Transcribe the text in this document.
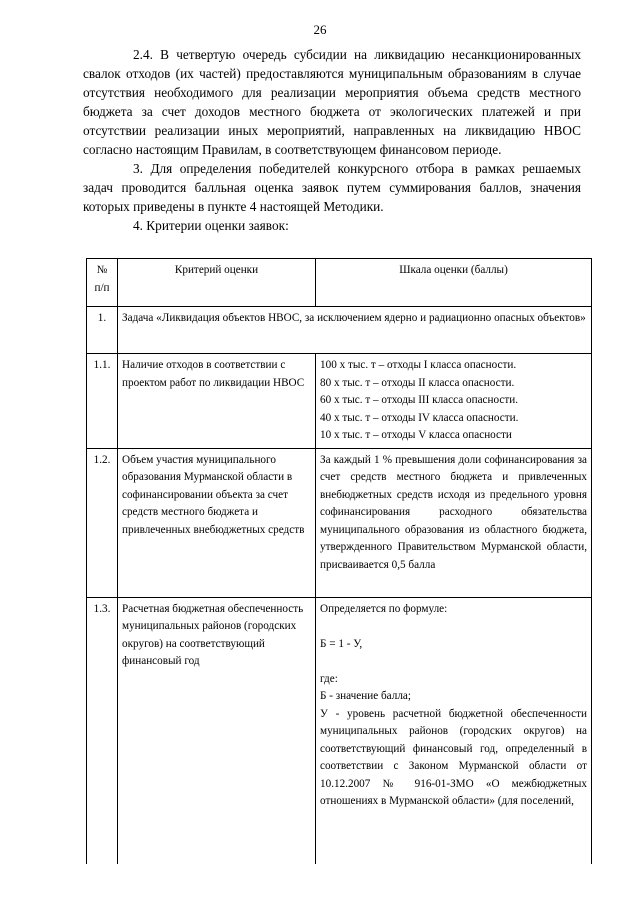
26

2.4. В четвертую очередь субсидии на ликвидацию несанкционированных свалок отходов (их частей) предоставляются муниципальным образованиям в случае отсутствия необходимого для реализации мероприятия объема средств местного бюджета за счет доходов местного бюджета от экологических платежей и при отсутствии реализации иных мероприятий, направленных на ликвидацию НВОС согласно настоящим Правилам, в соответствующем финансовом периоде.

3. Для определения победителей конкурсного отбора в рамках решаемых задач проводится балльная оценка заявок путем суммирования баллов, значения которых приведены в пункте 4 настоящей Методики.

4. Критерии оценки заявок:

№ п/п	Критерий оценки	Шкала оценки (баллы)
1.	Задача «Ликвидация объектов НВОС, за исключением ядерно и радиационно опасных объектов»	
1.1.	Наличие отходов в соответствии с проектом работ по ликвидации НВОС	100 х тыс. т – отходы I класса опасности.
80 х тыс. т – отходы II класса опасности.
60 х тыс. т – отходы III класса опасности.
40 х тыс. т – отходы IV класса опасности.
10 х тыс. т – отходы V класса опасности

1.2.	Объем участия муниципального образования Мурманской области в софинансировании объекта за счет средств местного бюджета и привлеченных внебюджетных средств	За каждый 1 % превышения доли софинансирования за счет средств местного бюджета и привлеченных внебюджетных средств исходя из предельного уровня софинансирования расходного обязательства муниципального образования из областного бюджета, утвержденного Правительством Мурманской области, присваивается 0,5 балла
1.3.	Расчетная бюджетная обеспеченность муниципальных районов (городских округов) на соответствующий финансовый год	Определяется по формуле:
Б = 1 - У,
где:
Б - значение балла;
У - уровень расчетной бюджетной обеспеченности муниципальных районов (городских округов) на соответствующий финансовый год, определенный в соответствии с Законом Мурманской области от 10.12.2007 № 916-01-ЗМО «О межбюджетных отношениях в Мурманской области» (для поселений,
